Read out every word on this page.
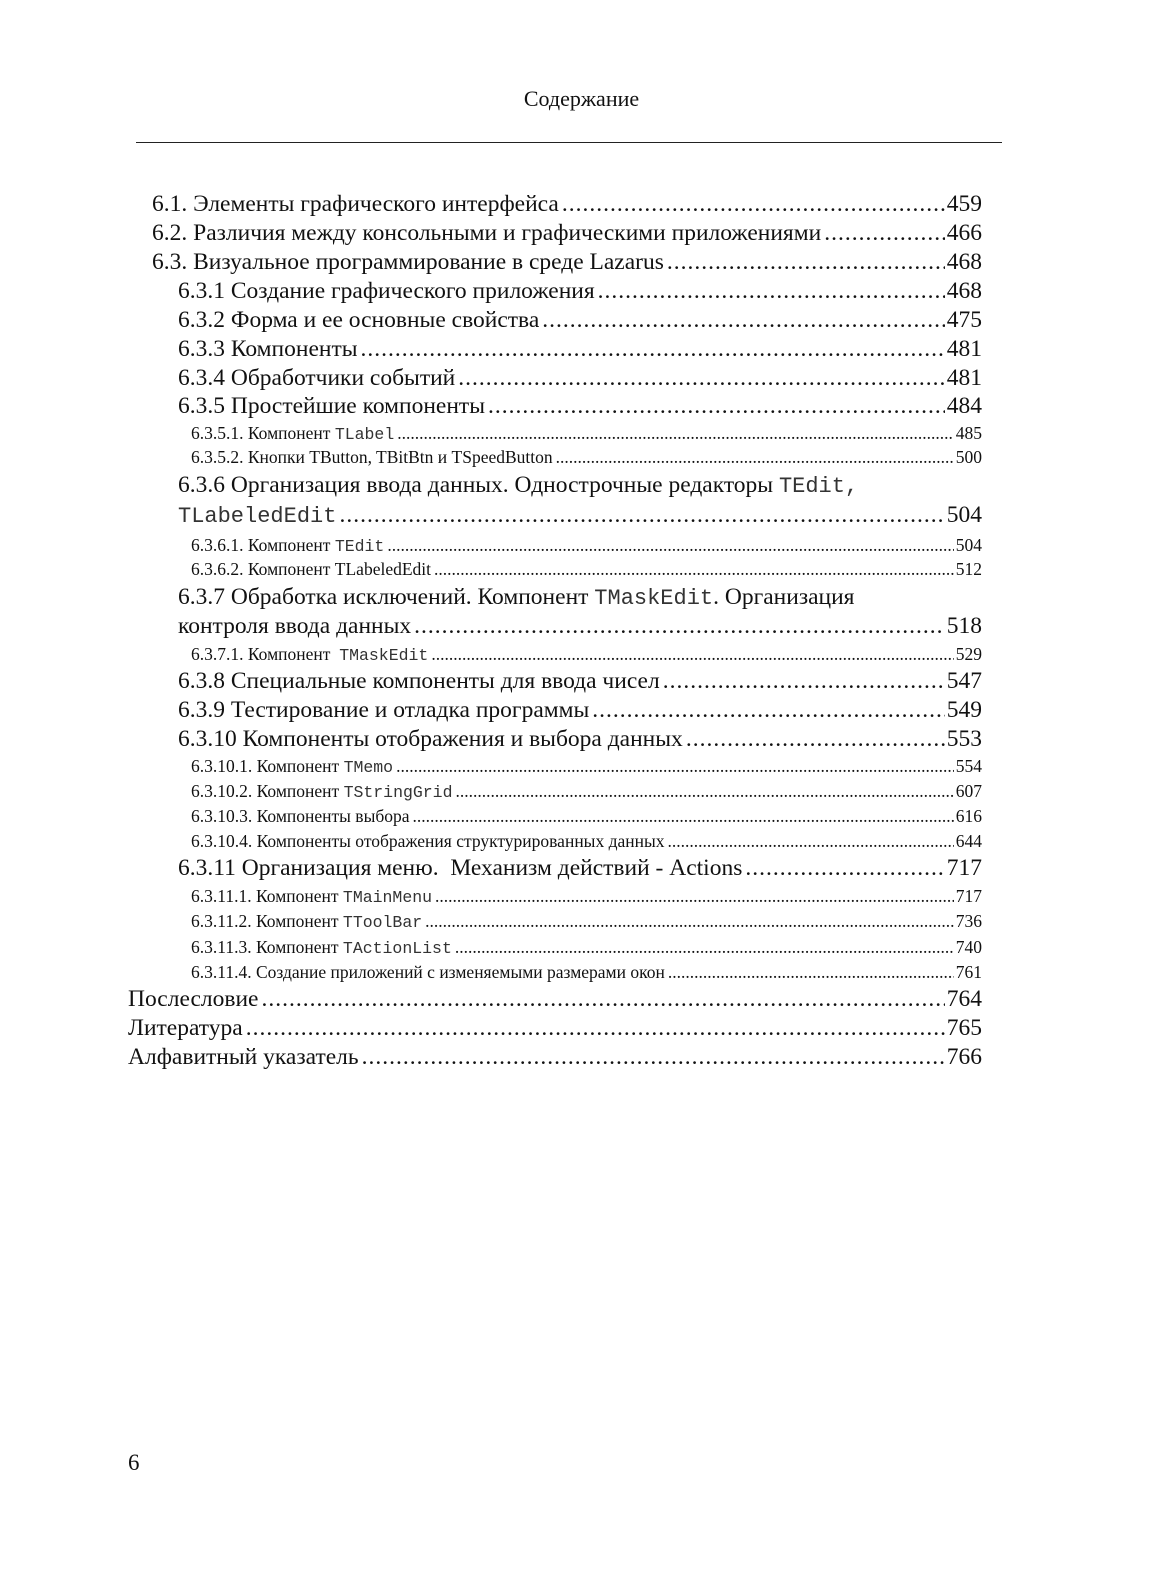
Содержание
6.1. Элементы графического интерфейса .....	459
6.2. Различия между консольными и графическими приложениями .....	466
6.3. Визуальное программирование в среде Lazarus .....	468
6.3.1 Создание графического приложения .....	468
6.3.2 Форма и ее основные свойства .....	475
6.3.3 Компоненты .....	481
6.3.4 Обработчики событий .....	481
6.3.5 Простейшие компоненты .....	484
6.3.5.1. Компонент TLabel .....	485
6.3.5.2. Кнопки TButton, TBitBtn и TSpeedButton .....	500
6.3.6 Организация ввода данных. Однострочные редакторы TEdit,
TLabeledEdit .....	504
6.3.6.1. Компонент TEdit .....	504
6.3.6.2. Компонент TLabeledEdit .....	512
6.3.7 Обработка исключений. Компонент TMaskEdit. Организация
контроля ввода данных .....	518
6.3.7.1. Компонент TMaskEdit .....	529
6.3.8 Специальные компоненты для ввода чисел .....	547
6.3.9 Тестирование и отладка программы .....	549
6.3.10 Компоненты отображения и выбора данных .....	553
6.3.10.1. Компонент TMemo .....	554
6.3.10.2. Компонент TStringGrid .....	607
6.3.10.3. Компоненты выбора .....	616
6.3.10.4. Компоненты отображения структурированных данных .....	644
6.3.11 Организация меню.  Механизм действий - Actions .....	717
6.3.11.1. Компонент TMainMenu .....	717
6.3.11.2. Компонент TToolBar .....	736
6.3.11.3. Компонент TActionList .....	740
6.3.11.4. Создание приложений с изменяемыми размерами окон .....	761
Послесловие .....	764
Литература .....	765
Алфавитный указатель .....	766
6
